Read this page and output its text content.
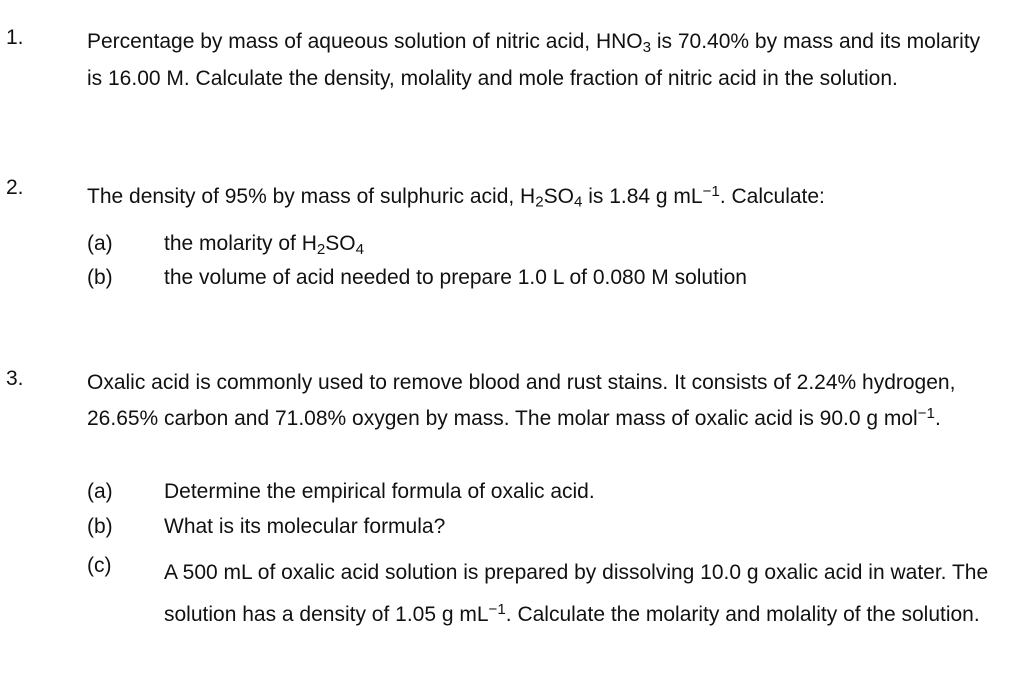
1.	Percentage by mass of aqueous solution of nitric acid, $HNO_3$ is 70.40% by mass and its molarity is 16.00 M. Calculate the density, molality and mole fraction of nitric acid in the solution.
2.	The density of 95% by mass of sulphuric acid, $H_2SO_4$ is 1.84 g $mL^{-1}$. Calculate:
(a) the molarity of $H_2SO_4$
(b) the volume of acid needed to prepare 1.0 L of 0.080 M solution
3.	Oxalic acid is commonly used to remove blood and rust stains. It consists of 2.24% hydrogen, 26.65% carbon and 71.08% oxygen by mass. The molar mass of oxalic acid is 90.0 g mol$^{-1}$.
(a) Determine the empirical formula of oxalic acid.
(b) What is its molecular formula?
(c)	A 500 mL of oxalic acid solution is prepared by dissolving 10.0 g oxalic acid in water. The solution has a density of 1.05 g $mL^{-1}$. Calculate the molarity and molality of the solution.
